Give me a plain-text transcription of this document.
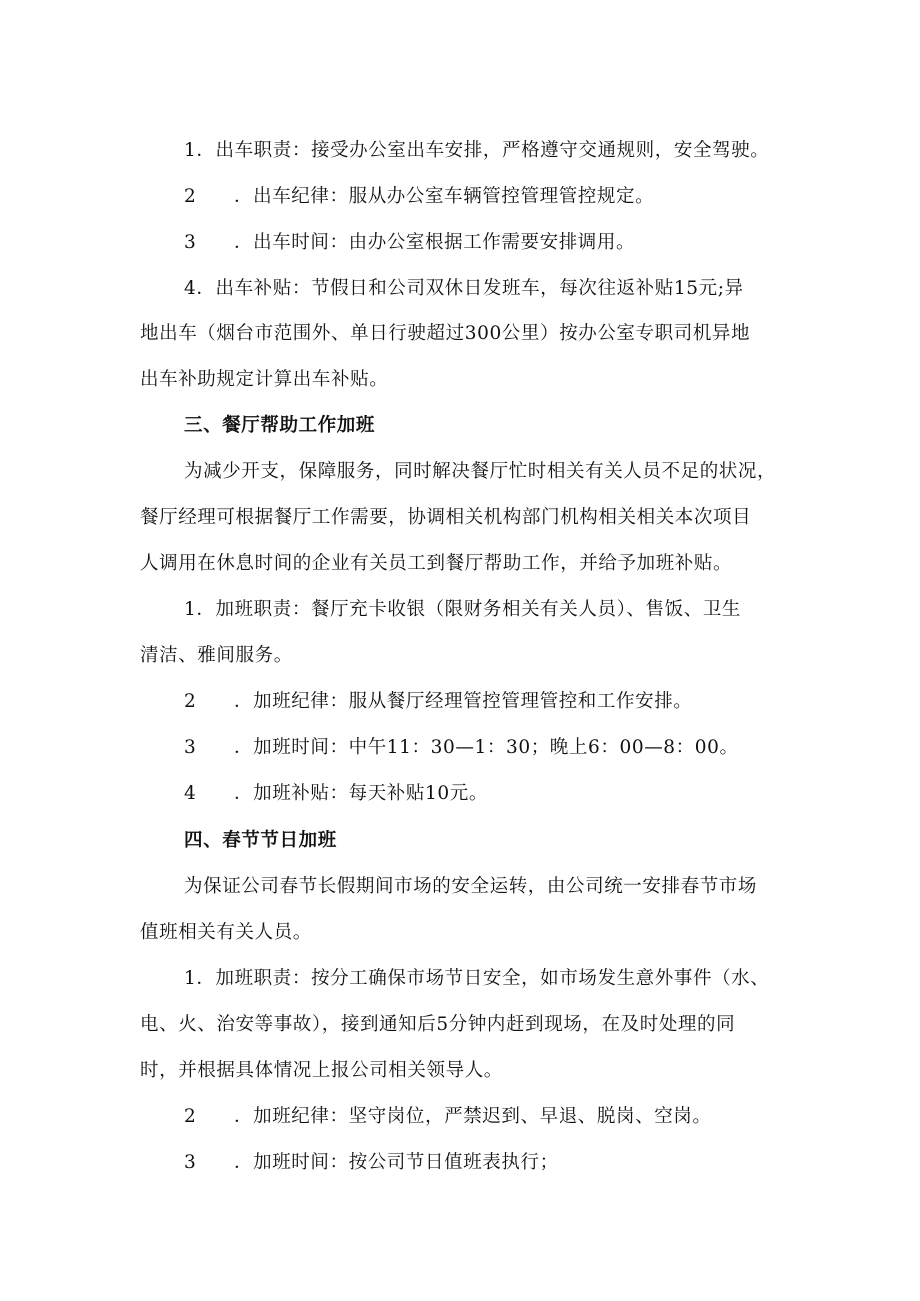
1．出车职责：接受办公室出车安排，严格遵守交通规则，安全驾驶。
2 ．出车纪律：服从办公室车辆管控管理管控规定。
3 ．出车时间：由办公室根据工作需要安排调用。
4．出车补贴：节假日和公司双休日发班车，每次往返补贴15元;异
地出车（烟台市范围外、单日行驶超过300公里）按办公室专职司机异地
出车补助规定计算出车补贴。
三、餐厅帮助工作加班
为减少开支，保障服务，同时解决餐厅忙时相关有关人员不足的状况，
餐厅经理可根据餐厅工作需要，协调相关机构部门机构相关相关本次项目
人调用在休息时间的企业有关员工到餐厅帮助工作，并给予加班补贴。
1．加班职责：餐厅充卡收银（限财务相关有关人员）、售饭、卫生
清洁、雅间服务。
2 ．加班纪律：服从餐厅经理管控管理管控和工作安排。
3 ．加班时间：中午11：30—1：30；晚上6：00—8：00。
4 ．加班补贴：每天补贴10元。
四、春节节日加班
为保证公司春节长假期间市场的安全运转，由公司统一安排春节市场
值班相关有关人员。
1．加班职责：按分工确保市场节日安全，如市场发生意外事件（水、
电、火、治安等事故），接到通知后5分钟内赶到现场，在及时处理的同
时，并根据具体情况上报公司相关领导人。
2 ．加班纪律：坚守岗位，严禁迟到、早退、脱岗、空岗。
3 ．加班时间：按公司节日值班表执行；
